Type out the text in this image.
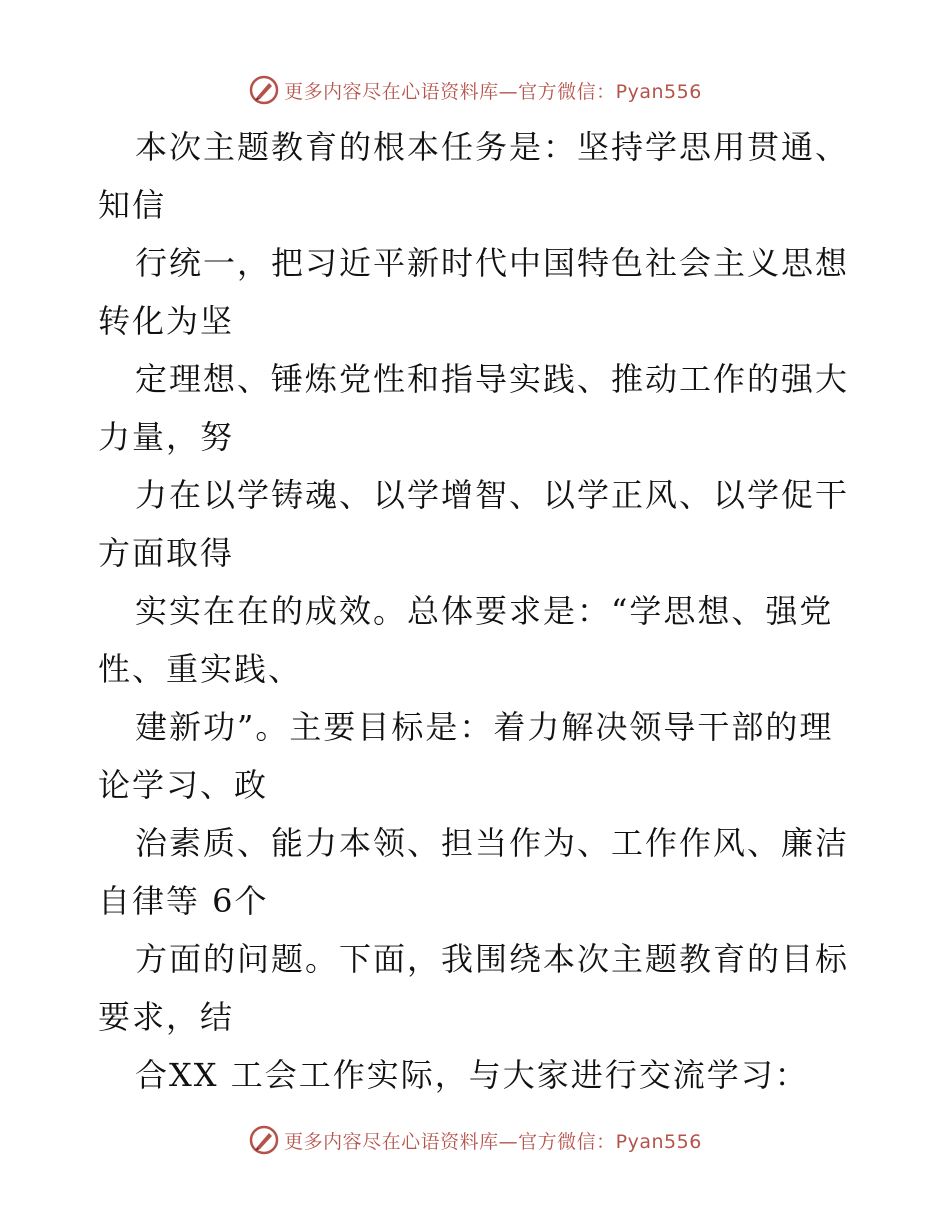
更多内容尽在心语资料库—官方微信：Pyan556
本次主题教育的根本任务是：坚持学思用贯通、
知信
行统一，把习近平新时代中国特色社会主义思想
转化为坚
定理想、锤炼党性和指导实践、推动工作的强大
力量，努
力在以学铸魂、以学增智、以学正风、以学促干
方面取得
实实在在的成效。总体要求是：“学思想、强党
性、重实践、
建新功”。主要目标是：着力解决领导干部的理
论学习、政
治素质、能力本领、担当作为、工作作风、廉洁
自律等 6个
方面的问题。下面，我围绕本次主题教育的目标
要求，结
合XX 工会工作实际，与大家进行交流学习：
更多内容尽在心语资料库—官方微信：Pyan556
